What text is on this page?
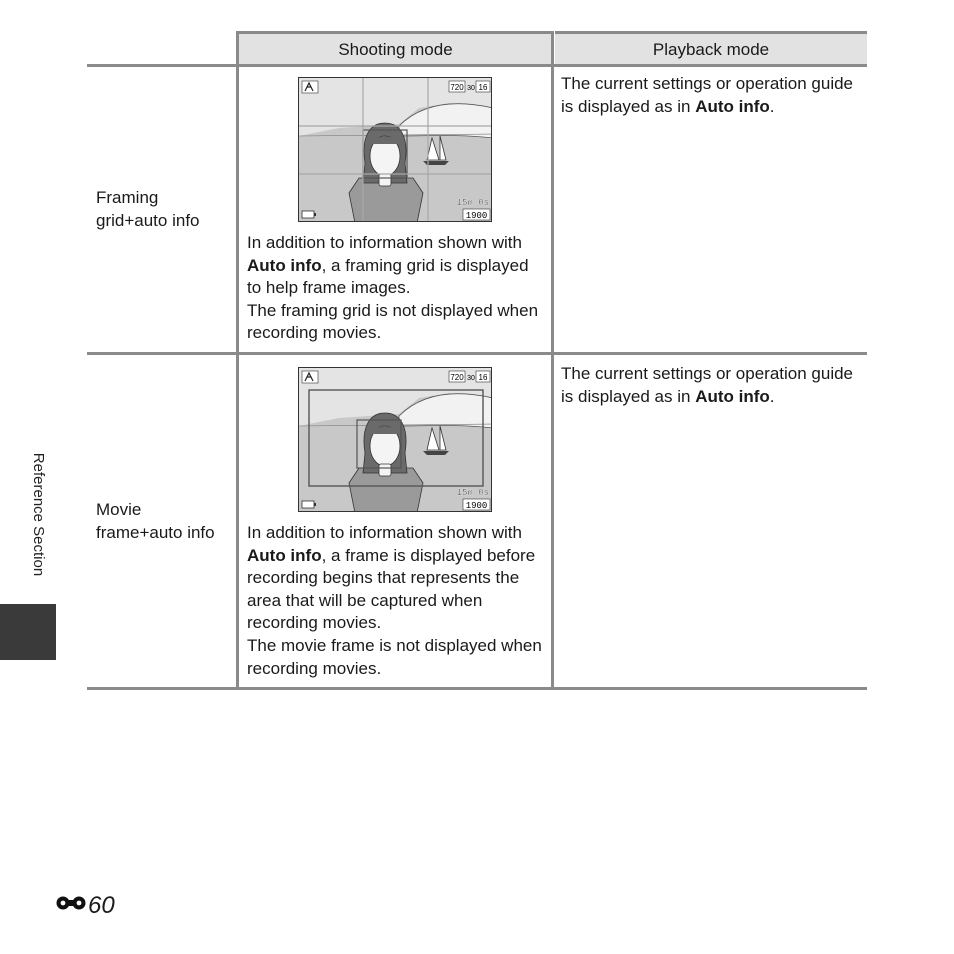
Reference Section
Shooting mode	Playback mode
Framing
grid+auto info
720 30 16
15m 0s
1900
In addition to information shown with Auto info, a framing grid is displayed to help frame images.
The framing grid is not displayed when recording movies.
The current settings or operation guide is displayed as in Auto info.
Movie
frame+auto info
720 30 16
15m 0s
1900
In addition to information shown with Auto info, a frame is displayed before recording begins that represents the area that will be captured when recording movies.
The movie frame is not displayed when recording movies.
The current settings or operation guide is displayed as in Auto info.
60
